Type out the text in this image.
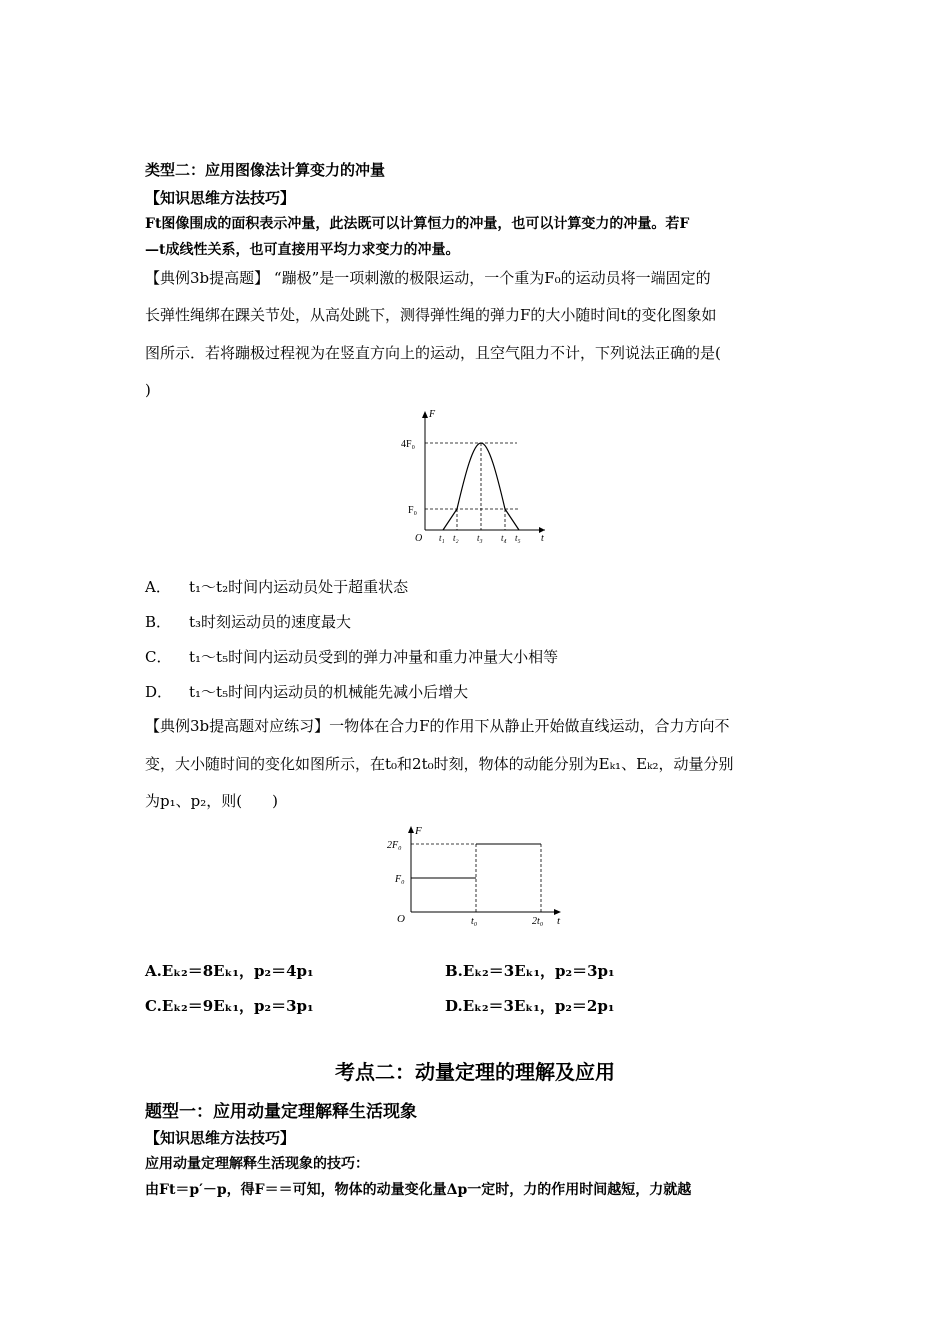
类型二：应用图像法计算变力的冲量
【知识思维方法技巧】
Ft图像围成的面积表示冲量，此法既可以计算恒力的冲量，也可以计算变力的冲量。若F
—t成线性关系，也可直接用平均力求变力的冲量。
【典例3b提高题】 “蹦极”是一项刺激的极限运动，一个重为F₀的运动员将一端固定的
长弹性绳绑在踝关节处，从高处跳下，测得弹性绳的弹力F的大小随时间t的变化图象如
图所示．若将蹦极过程视为在竖直方向上的运动，且空气阻力不计，下列说法正确的是(
)
F
t
O
4F₀
F₀
t₁ t₂ t₃ t₄ t₅
A． t₁～t₂时间内运动员处于超重状态
B． t₃时刻运动员的速度最大
C． t₁～t₅时间内运动员受到的弹力冲量和重力冲量大小相等
D． t₁～t₅时间内运动员的机械能先减小后增大
【典例3b提高题对应练习】一物体在合力F的作用下从静止开始做直线运动，合力方向不
变，大小随时间的变化如图所示，在t₀和2t₀时刻，物体的动能分别为Eₖ₁、Eₖ₂，动量分别
为p₁、p₂，则(　　)
F
t
O
2F₀
F₀
t₀	2t₀
A.Eₖ₂＝8Eₖ₁，p₂＝4p₁	B.Eₖ₂＝3Eₖ₁，p₂＝3p₁
C.Eₖ₂＝9Eₖ₁，p₂＝3p₁	D.Eₖ₂＝3Eₖ₁，p₂＝2p₁
考点二：动量定理的理解及应用
题型一：应用动量定理解释生活现象
【知识思维方法技巧】
应用动量定理解释生活现象的技巧：
由Ft＝p′－p，得F＝＝可知，物体的动量变化量Δp一定时，力的作用时间越短，力就越
